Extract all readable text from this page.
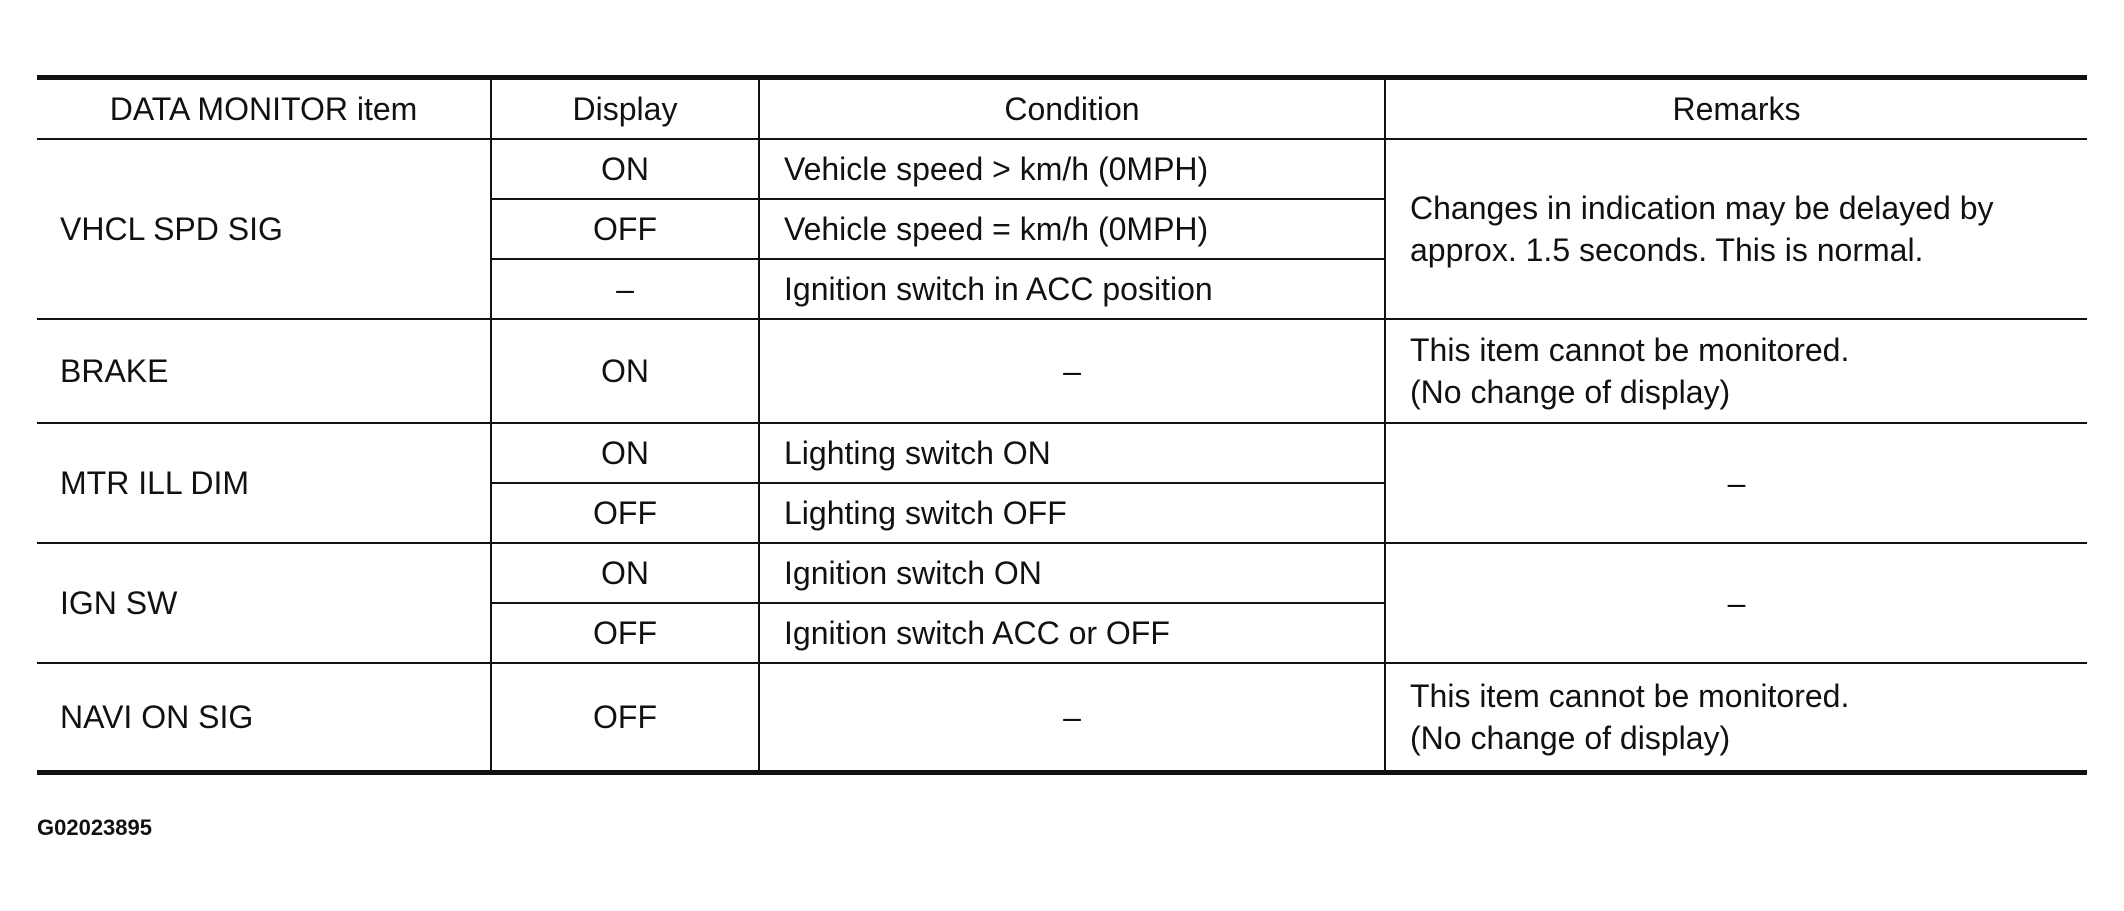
DATA MONITOR item	Display	Condition	Remarks
VHCL SPD SIG	ON	Vehicle speed > km/h (0MPH)	Changes in indication may be delayed by
approx. 1.5 seconds. This is normal.
	OFF	Vehicle speed = km/h (0MPH)	
	–	Ignition switch in ACC position	
BRAKE	ON	–	This item cannot be monitored.
(No change of display)
MTR ILL DIM	ON	Lighting switch ON	–
	OFF	Lighting switch OFF	
IGN SW	ON	Ignition switch ON	–
	OFF	Ignition switch ACC or OFF	
NAVI ON SIG	OFF	–	This item cannot be monitored.
(No change of display)
G02023895
